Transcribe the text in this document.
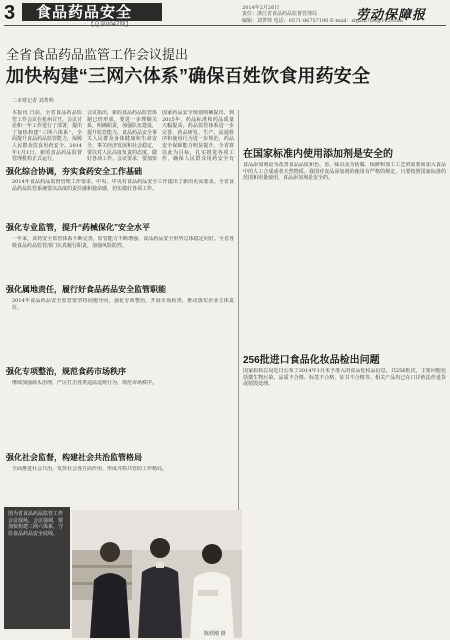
3 食品药品安全	2014年2月26日
责任：浙江省食品药品监督管理局
编辑：刘菁帅 电话：0571-86757190 E-mail：zhjxfb760@163.com
劳动保障报
全省食品药品监管工作会议提出
加快构建“三网六体系”确保百姓饮食用药安全
二本财记者 刘菁帅
本报讯 日前，全省食品药品监管工作会议在杭州召开。会议讨论和一年工作进行了部署，提出了加快构建“三网六体系”，全面提升食品药品监管能力，保障人民群众饮食用药安全。2014年1月1日，新的食品药品监督管理机构正式运行。
会议指出，新的食品药品监管体制已经形成，要进一步理顺关系，明确职责，加强队伍建设，提升监管能力。食品药品安全事关人民群众身体健康和生命安全，事关经济发展和社会稳定，要以对人民高度负责的态度，做好各项工作。会议要求，要加快
国家药品安全规划明确提出，到2015年，药品标准和药品质量大幅提高，药品监管体系进一步完善，药品研发、生产、流通秩序和使用行为进一步规范，药品安全保障能力明显提升。全省将以此为目标，扎实推进各项工作，确保人民群众用药安全有
强化综合协调，夯实食药安全工作基础
2014年食品药品监督管理工作要求，中央、中央对食品药品安全工作提出了新的更高要求。全省食品药品监管系统要以高度的责任感和使命感，切实做好各项工作。
强化专业监管，提升“药械保化”安全水平
一年来，食药安全监管体系不断完善，监管能力不断增强，食品药品安全形势总体稳定向好。全省各级食品药品监管部门认真履行职责，加强风险防控。
强化属地责任，履行好食品药品安全监管职能
2014年食品药品安全监管要坚持问题导向，强化专项整治，开展专项检查，推动落实企业主体责任。
强化专项整治，规范食药市场秩序
继续加强源头治理，严厉打击各类违法违规行为，规范市场秩序。
强化社会监督，构建社会共治监管格局
全面推进社会共治，发挥社会各方面作用，形成齐抓共管的工作格局。
在国家标准内使用添加剂是安全的
食品添加剂是为改善食品品质和色、香、味以及为防腐、保鲜和加工工艺的需要而加入食品中的人工合成或者天然物质。我国对食品添加剂的使用有严格的规定，只要按照国家标准的范围和用量使用，食品添加剂是安全的。
256批进口食品化妆品检出问题
国家质检总局近日公布了2014年1月未予准入的食品化妆品信息，共256批次，主要问题包括微生物污染、品质不合格、标签不合格、证书不合格等。相关产品均已在口岸依法作退货或销毁处理。
图为省食品药品监管工作会议现场。会议强调，要加快构建三网六体系，守住食品药品安全底线。
陈欣刚 摄
